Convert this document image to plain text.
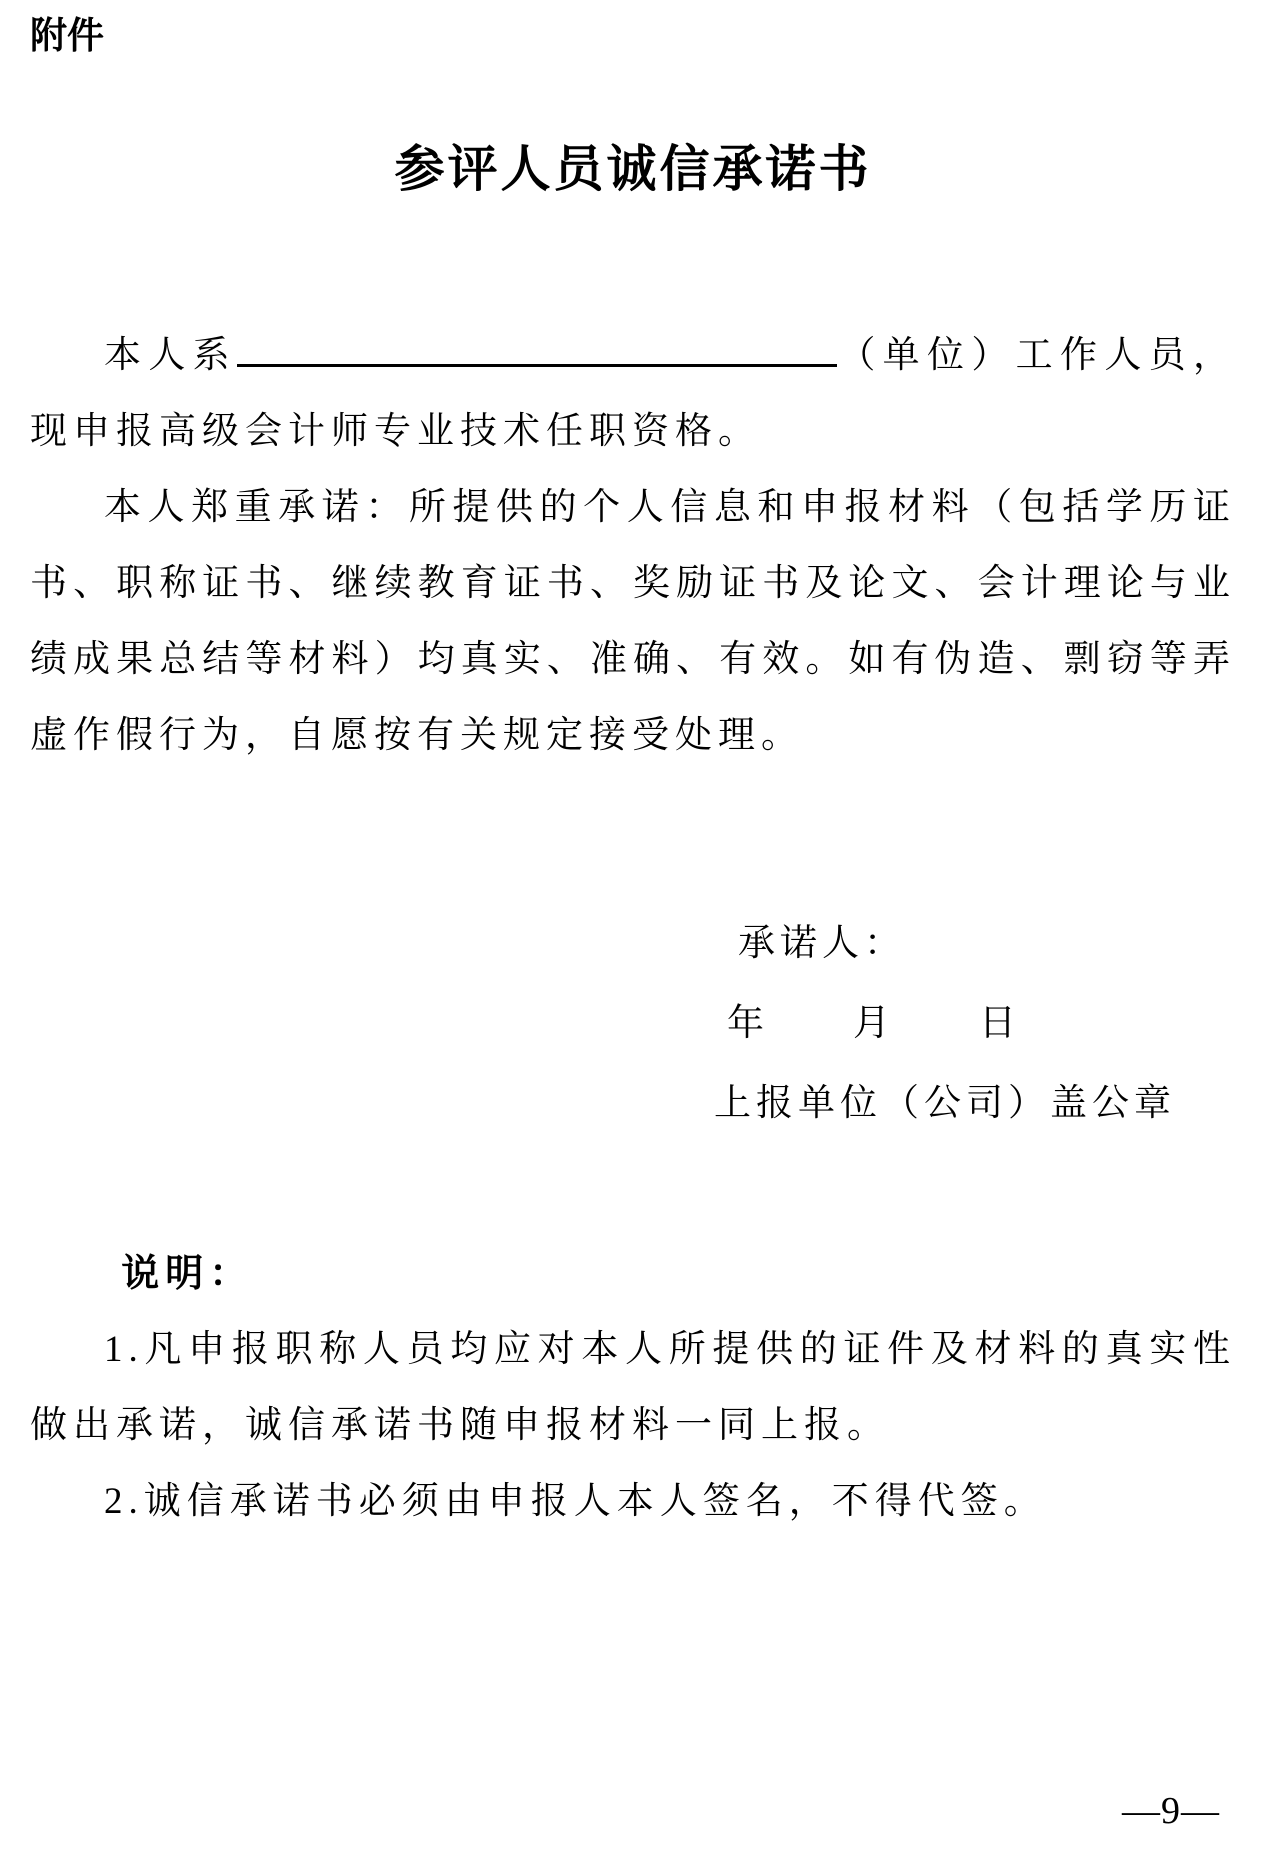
附件
参评人员诚信承诺书

本人系	（单位）工作人员，现申报高级会计师专业技术任职资格。

本人郑重承诺：所提供的个人信息和申报材料（包括学历证书、职称证书、继续教育证书、奖励证书及论文、会计理论与业绩成果总结等材料）均真实、准确、有效。如有伪造、剽窃等弄虚作假行为，自愿按有关规定接受处理。

承诺人：
年　　月　　日
上报单位（公司）盖公章
说明：

1.凡申报职称人员均应对本人所提供的证件及材料的真实性做出承诺，诚信承诺书随申报材料一同上报。

2.诚信承诺书必须由申报人本人签名，不得代签。

—9—
